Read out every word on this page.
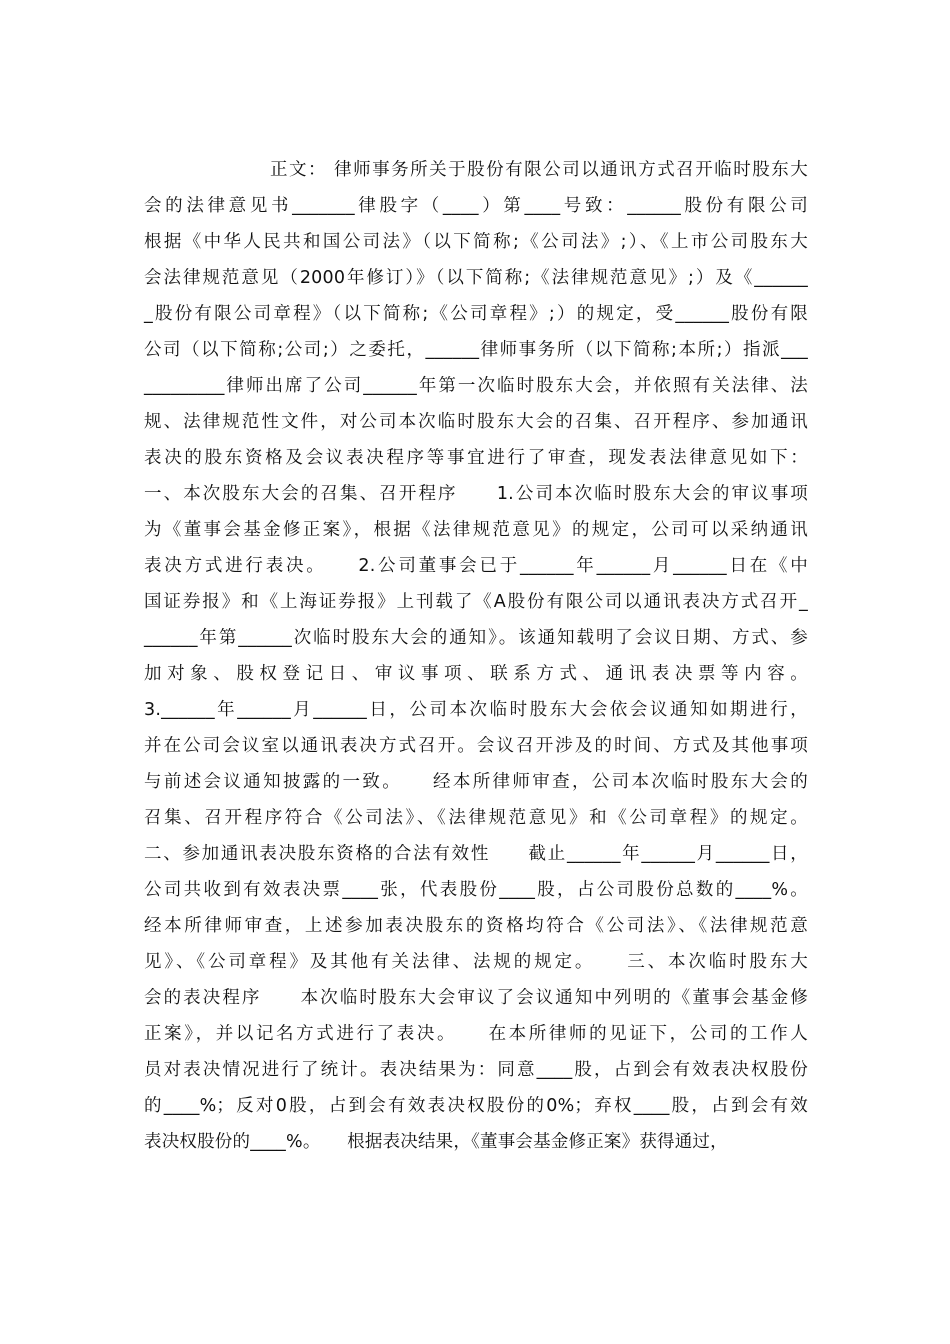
正文： 律师事务所关于股份有限公司以通讯方式召开临时股东大
会的法律意见书_______律股字（____）第____号致：______股份有限公司
根据《中华人民共和国公司法》（以下简称;《公司法》;）、《上市公司股东大
会法律规范意见（2000年修订）》（以下简称;《法律规范意见》;）及《______
_股份有限公司章程》（以下简称;《公司章程》;）的规定，受______股份有限
公司（以下简称;公司;）之委托，______律师事务所（以下简称;本所;）指派___
_________律师出席了公司______年第一次临时股东大会，并依照有关法律、法
规、法律规范性文件，对公司本次临时股东大会的召集、召开程序、参加通讯
表决的股东资格及会议表决程序等事宜进行了审查，现发表法律意见如下：
一、本次股东大会的召集、召开程序　　1.公司本次临时股东大会的审议事项
为《董事会基金修正案》，根据《法律规范意见》的规定，公司可以采纳通讯
表决方式进行表决。　　2.公司董事会已于______年______月______日在《中
国证券报》和《上海证券报》上刊载了《A股份有限公司以通讯表决方式召开_
______年第______次临时股东大会的通知》。该通知载明了会议日期、方式、参
加对象、股权登记日、审议事项、联系方式、通讯表决票等内容。
3.______年______月______日，公司本次临时股东大会依会议通知如期进行，
并在公司会议室以通讯表决方式召开。会议召开涉及的时间、方式及其他事项
与前述会议通知披露的一致。　　经本所律师审查，公司本次临时股东大会的
召集、召开程序符合《公司法》、《法律规范意见》和《公司章程》的规定。
二、参加通讯表决股东资格的合法有效性　　截止______年______月______日，
公司共收到有效表决票____张，代表股份____股，占公司股份总数的____%。
经本所律师审查，上述参加表决股东的资格均符合《公司法》、《法律规范意
见》、《公司章程》及其他有关法律、法规的规定。　　三、本次临时股东大
会的表决程序　　本次临时股东大会审议了会议通知中列明的《董事会基金修
正案》，并以记名方式进行了表决。　　在本所律师的见证下，公司的工作人
员对表决情况进行了统计。表决结果为：同意____股，占到会有效表决权股份
的____%；反对0股，占到会有效表决权股份的0%；弃权____股，占到会有效
表决权股份的____%。　　根据表决结果，《董事会基金修正案》获得通过，
